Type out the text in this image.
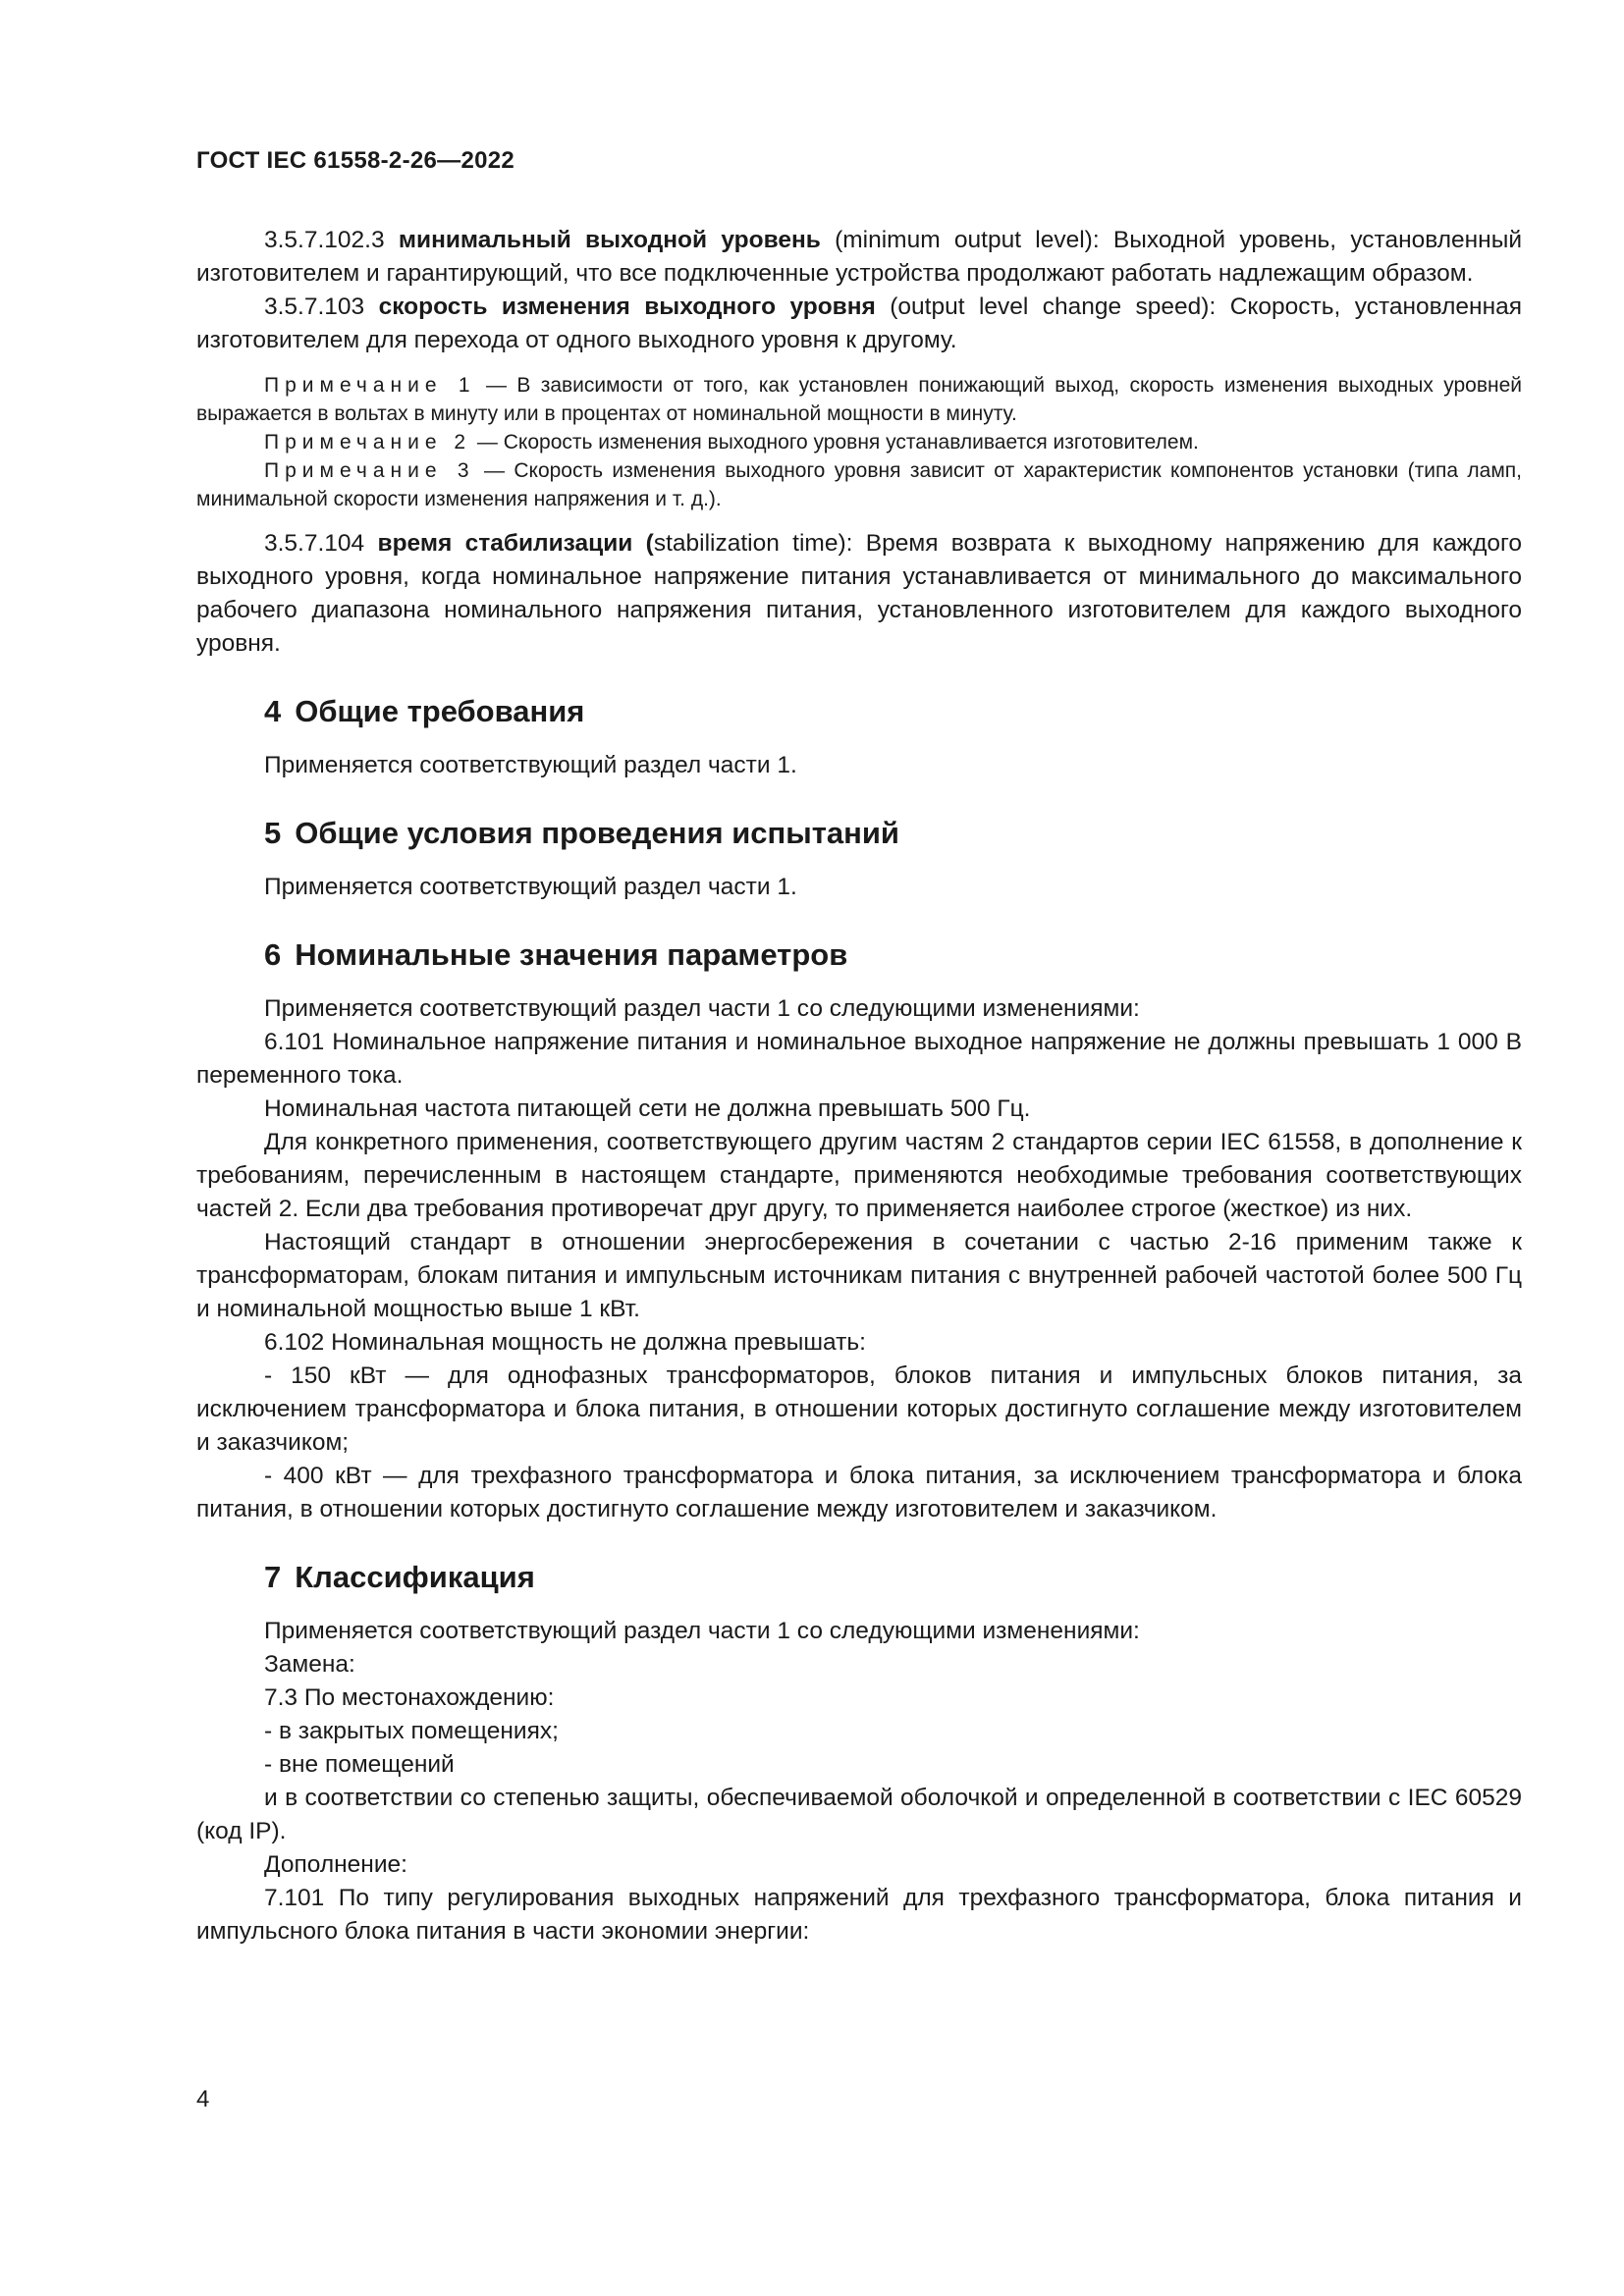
ГОСТ IEC 61558-2-26—2022

3.5.7.102.3 минимальный выходной уровень (minimum output level): Выходной уровень, установленный изготовителем и гарантирующий, что все подключенные устройства продолжают работать надлежащим образом.

3.5.7.103 скорость изменения выходного уровня (output level change speed): Скорость, установленная изготовителем для перехода от одного выходного уровня к другому.

Примечание 1 — В зависимости от того, как установлен понижающий выход, скорость изменения выходных уровней выражается в вольтах в минуту или в процентах от номинальной мощности в минуту.

Примечание 2 — Скорость изменения выходного уровня устанавливается изготовителем.

Примечание 3 — Скорость изменения выходного уровня зависит от характеристик компонентов установки (типа ламп, минимальной скорости изменения напряжения и т. д.).

3.5.7.104 время стабилизации (stabilization time): Время возврата к выходному напряжению для каждого выходного уровня, когда номинальное напряжение питания устанавливается от минимального до максимального рабочего диапазона номинального напряжения питания, установленного изготовителем для каждого выходного уровня.

4 Общие требования

Применяется соответствующий раздел части 1.

5 Общие условия проведения испытаний

Применяется соответствующий раздел части 1.

6 Номинальные значения параметров

Применяется соответствующий раздел части 1 со следующими изменениями:

6.101 Номинальное напряжение питания и номинальное выходное напряжение не должны превышать 1 000 В переменного тока.

Номинальная частота питающей сети не должна превышать 500 Гц.

Для конкретного применения, соответствующего другим частям 2 стандартов серии IEC 61558, в дополнение к требованиям, перечисленным в настоящем стандарте, применяются необходимые требования соответствующих частей 2. Если два требования противоречат друг другу, то применяется наиболее строгое (жесткое) из них.

Настоящий стандарт в отношении энергосбережения в сочетании с частью 2-16 применим также к трансформаторам, блокам питания и импульсным источникам питания с внутренней рабочей частотой более 500 Гц и номинальной мощностью выше 1 кВт.

6.102 Номинальная мощность не должна превышать:

- 150 кВт — для однофазных трансформаторов, блоков питания и импульсных блоков питания, за исключением трансформатора и блока питания, в отношении которых достигнуто соглашение между изготовителем и заказчиком;

- 400 кВт — для трехфазного трансформатора и блока питания, за исключением трансформатора и блока питания, в отношении которых достигнуто соглашение между изготовителем и заказчиком.

7 Классификация

Применяется соответствующий раздел части 1 со следующими изменениями:

Замена:

7.3 По местонахождению:

- в закрытых помещениях;

- вне помещений

и в соответствии со степенью защиты, обеспечиваемой оболочкой и определенной в соответствии с IEC 60529 (код IP).

Дополнение:

7.101 По типу регулирования выходных напряжений для трехфазного трансформатора, блока питания и импульсного блока питания в части экономии энергии:

4
